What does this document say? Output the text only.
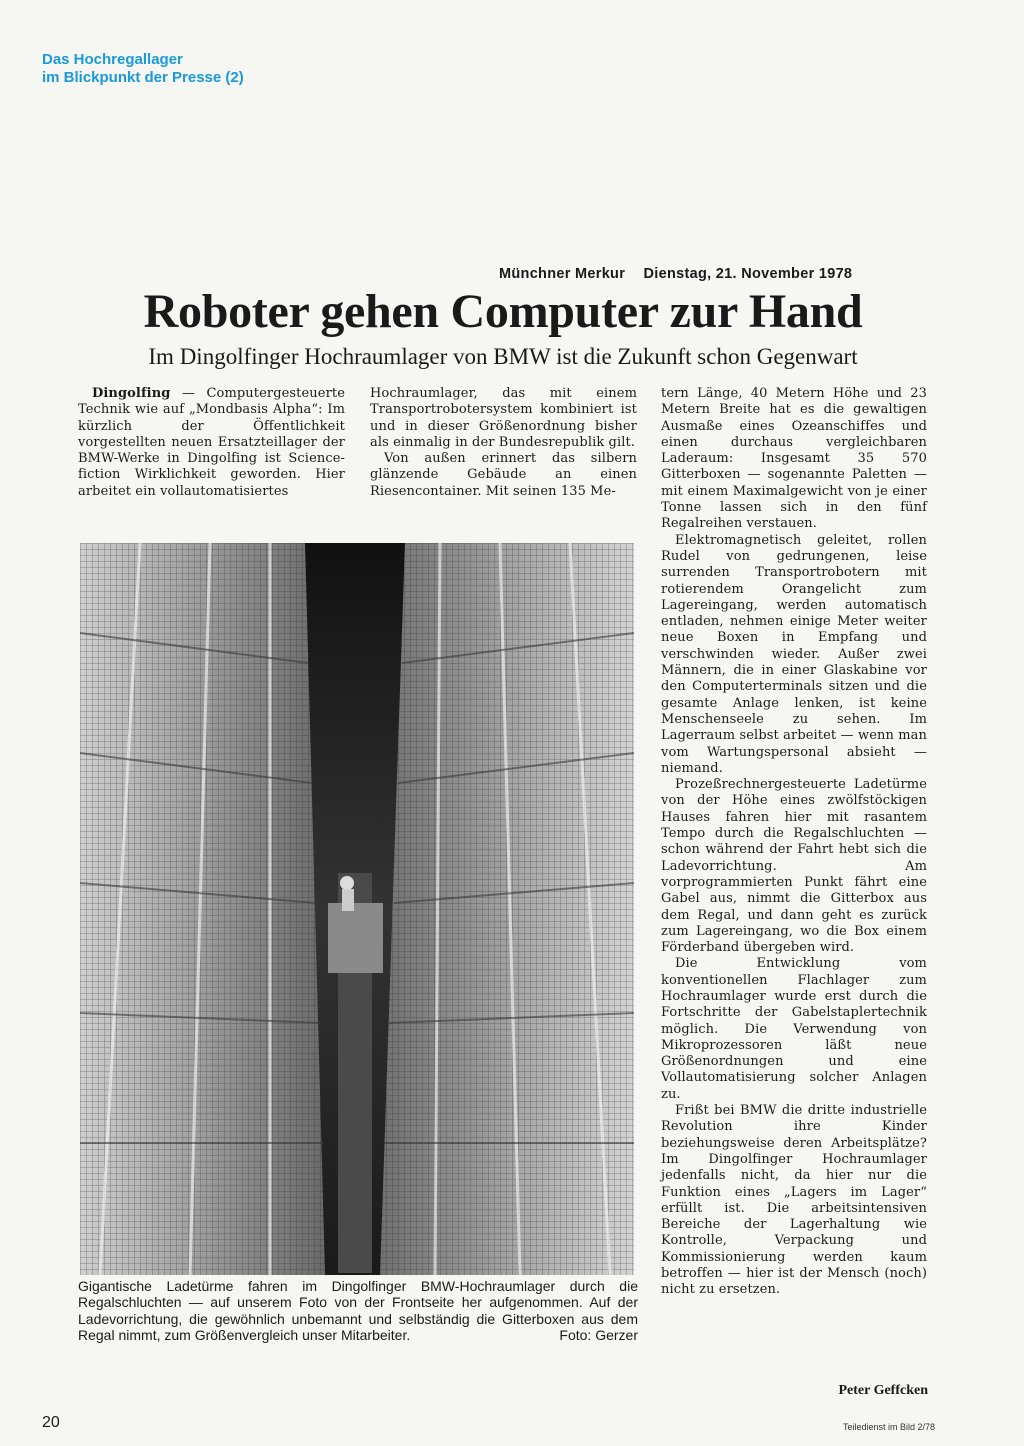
Das Hochregallager
im Blickpunkt der Presse (2)
Münchner Merkur Dienstag, 21. November 1978
Roboter gehen Computer zur Hand
Im Dingolfinger Hochraumlager von BMW ist die Zukunft schon Gegenwart

Dingolfing — Computergesteuerte Technik wie auf „Mondbasis Alpha“: Im kürzlich der Öffentlichkeit vorgestellten neuen Ersatzteillager der BMW-Werke in Dingolfing ist Science-fiction Wirklichkeit geworden. Hier arbeitet ein vollautomatisiertes

Hochraumlager, das mit einem Transportrobotersystem kombiniert ist und in dieser Größenordnung bisher als einmalig in der Bundesrepublik gilt.

Von außen erinnert das silbern glänzende Gebäude an einen Riesencontainer. Mit seinen 135 Me-

tern Länge, 40 Metern Höhe und 23 Metern Breite hat es die gewaltigen Ausmaße eines Ozeanschiffes und einen durchaus vergleichbaren Laderaum: Insgesamt 35 570 Gitterboxen — sogenannte Paletten — mit einem Maximalgewicht von je einer Tonne lassen sich in den fünf Regalreihen verstauen.

Elektromagnetisch geleitet, rollen Rudel von gedrungenen, leise surrenden Transportrobotern mit rotierendem Orangelicht zum Lagereingang, werden automatisch entladen, nehmen einige Meter weiter neue Boxen in Empfang und verschwinden wieder. Außer zwei Männern, die in einer Glaskabine vor den Computerterminals sitzen und die gesamte Anlage lenken, ist keine Menschenseele zu sehen. Im Lagerraum selbst arbeitet — wenn man vom Wartungspersonal absieht — niemand.

Prozeßrechnergesteuerte Ladetürme von der Höhe eines zwölfstöckigen Hauses fahren hier mit rasantem Tempo durch die Regalschluchten — schon während der Fahrt hebt sich die Ladevorrichtung. Am vorprogrammierten Punkt fährt eine Gabel aus, nimmt die Gitterbox aus dem Regal, und dann geht es zurück zum Lagereingang, wo die Box einem Förderband übergeben wird.

Die Entwicklung vom konventionellen Flachlager zum Hochraumlager wurde erst durch die Fortschritte der Gabelstaplertechnik möglich. Die Verwendung von Mikroprozessoren läßt neue Größenordnungen und eine Vollautomatisierung solcher Anlagen zu.

Frißt bei BMW die dritte industrielle Revolution ihre Kinder beziehungsweise deren Arbeitsplätze? Im Dingolfinger Hochraumlager jedenfalls nicht, da hier nur die Funktion eines „Lagers im Lager“ erfüllt ist. Die arbeitsintensiven Bereiche der Lagerhaltung wie Kontrolle, Verpackung und Kommissionierung werden kaum betroffen — hier ist der Mensch (noch) nicht zu ersetzen.

Peter Geffcken
Gigantische Ladetürme fahren im Dingolfinger BMW-Hochraumlager durch die Regalschluchten — auf unserem Foto von der Frontseite her aufgenommen. Auf der Ladevorrichtung, die gewöhnlich unbemannt und selbständig die Gitterboxen aus dem Regal nimmt, zum Größenvergleich unser Mitarbeiter.	Foto: Gerzer
20	Teiledienst im Bild 2/78
